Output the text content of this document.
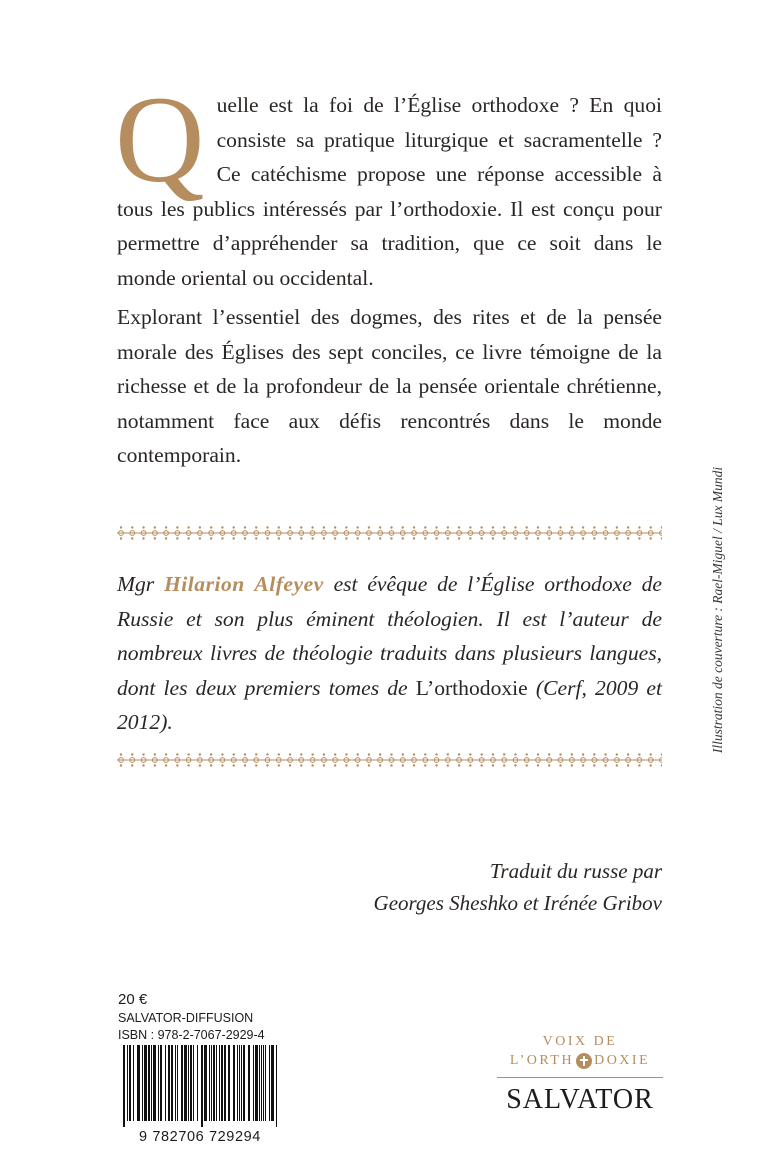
Q uelle est la foi de l’Église orthodoxe ? En quoi consiste sa pratique liturgique et sacramentelle ? Ce catéchisme propose une réponse accessible à tous les publics intéressés par l’orthodoxie. Il est conçu pour permettre d’appréhender sa tradition, que ce soit dans le monde oriental ou occidental.

Explorant l’essentiel des dogmes, des rites et de la pensée morale des Églises des sept conciles, ce livre témoigne de la richesse et de la profondeur de la pensée orientale chrétienne, notamment face aux défis rencontrés dans le monde contemporain.

Mgr Hilarion Alfeyev est évêque de l’Église orthodoxe de Russie et son plus éminent théologien. Il est l’auteur de nombreux livres de théologie traduits dans plusieurs langues, dont les deux premiers tomes de L’orthodoxie (Cerf, 2009 et 2012).

Traduit du russe par
Georges Sheshko et Irénée Gribov
Illustration de couverture : Rael-Miguel / Lux Mundi
20 €
SALVATOR-DIFFUSION
ISBN : 978-2-7067-2929-4
9 782706 729294
VOIX DE
L’ORTH DOXIE
SALVATOR
